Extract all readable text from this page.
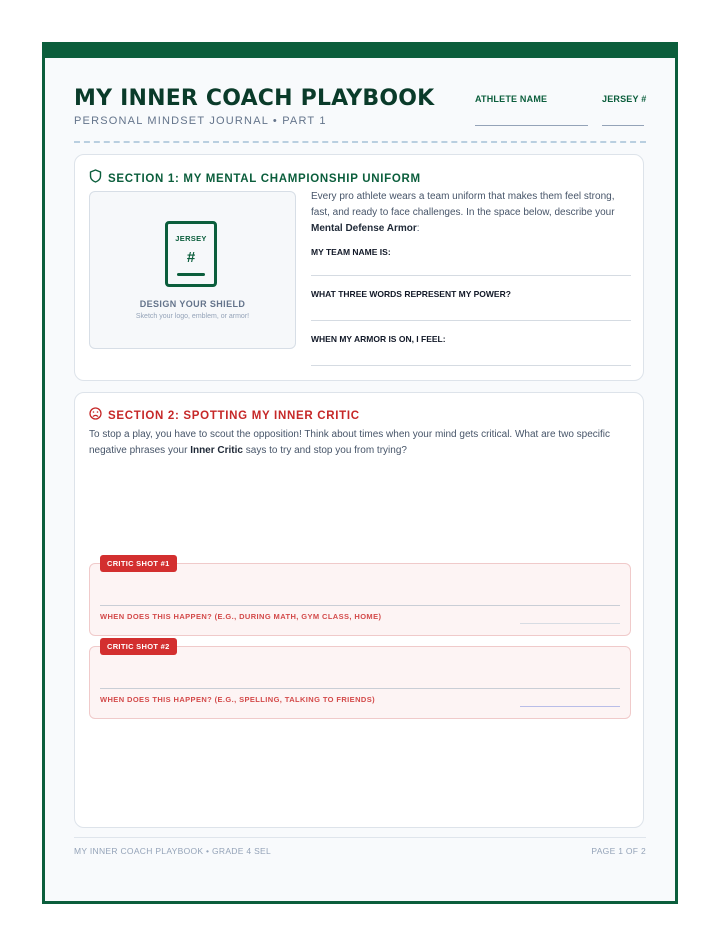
MY INNER COACH PLAYBOOK
PERSONAL MINDSET JOURNAL • PART 1
ATHLETE NAME	JERSEY #
SECTION 1: MY MENTAL CHAMPIONSHIP UNIFORM
JERSEY
#
DESIGN YOUR SHIELD
Sketch your logo, emblem, or armor!

Every pro athlete wears a team uniform that makes them feel strong, fast, and ready to face challenges. In the space below, describe your Mental Defense Armor:

MY TEAM NAME IS:
WHAT THREE WORDS REPRESENT MY POWER?
WHEN MY ARMOR IS ON, I FEEL:
SECTION 2: SPOTTING MY INNER CRITIC

To stop a play, you have to scout the opposition! Think about times when your mind gets critical. What are two specific negative phrases your Inner Critic says to try and stop you from trying?

CRITIC SHOT #1
WHEN DOES THIS HAPPEN? (E.G., DURING MATH, GYM CLASS, HOME)
CRITIC SHOT #2
WHEN DOES THIS HAPPEN? (E.G., SPELLING, TALKING TO FRIENDS)
MY INNER COACH PLAYBOOK • GRADE 4 SEL	PAGE 1 OF 2
